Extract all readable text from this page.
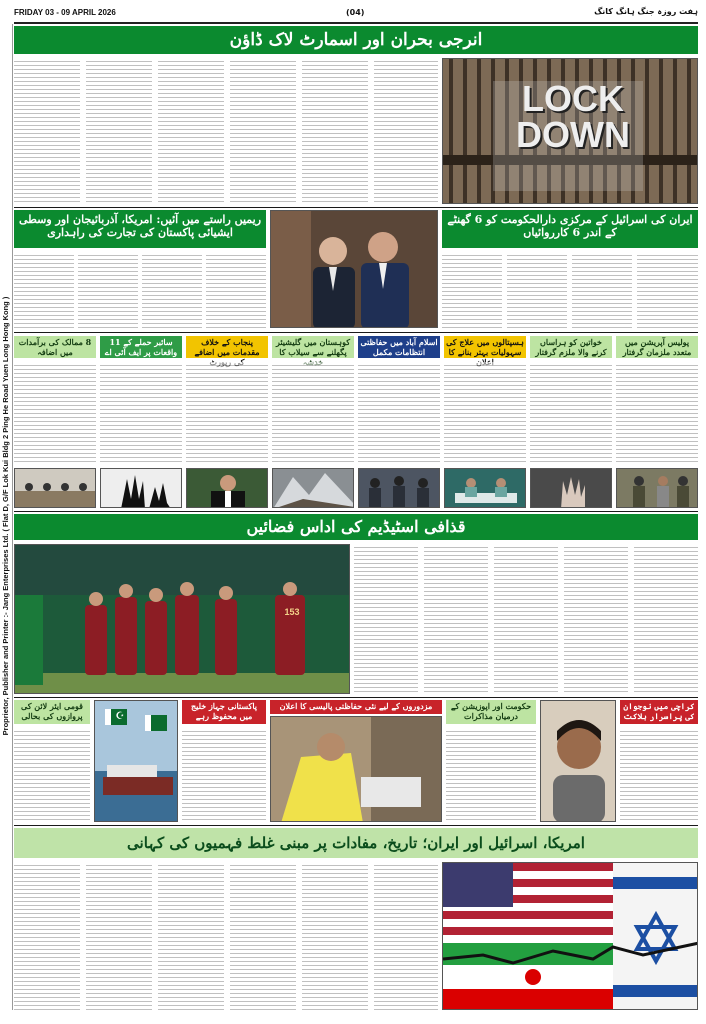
FRIDAY 03 - 09 APRIL 2026	(04)	ہفت روزہ جنگ ہانگ کانگ
Proprietor, Publisher and Printer :- Jang Enterprises Ltd. ( Flat D, G/F Lok Kui Bldg 2 Ping He Road Yuen Long Hong Kong )
انرجی بحران اور اسمارٹ لاک ڈاؤن
LOCK
DOWN
ریمیں راستے میں آئیں: امریکا، آذربائیجان اور وسطی ایشیائی پاکستان کی تجارت کی راہداری
ایران کی اسرائیل کے مرکزی دارالحکومت کو 6 گھنٹے کے اندر 6 کارروائیاں
8 ممالک کی برآمدات میں اضافہ
سائبر حملے کے 11 واقعات پر ایف آئی اے
پنجاب کے خلاف مقدمات میں اضافے
کوہستان میں گلیشیئر پگھلنے سے سیلاب کا
اسلام آباد میں حفاظتی انتظامات مکمل
ہسپتالوں میں علاج کی سہولیات بہتر بنانے کا
خواتین کو ہراساں کرنے والا ملزم گرفتار
پولیس آپریشن میں متعدد ملزمان گرفتار
قذافی اسٹیڈیم کی اداس فضائیں
153
قومی ایئر لائن کی پروازوں کی بحالی	☪
پاکستانی جہاز خلیج میں محفوظ رہے
مزدوروں کے لیے نئی حفاظتی پالیسی کا اعلان	حکومت اور اپوزیشن کے درمیان مذاکرات
کراچی میں نوجوان کی پراسرار ہلاکت
امریکا، اسرائیل اور ایران؛ تاریخ، مفادات پر مبنی غلط فہمیوں کی کہانی
